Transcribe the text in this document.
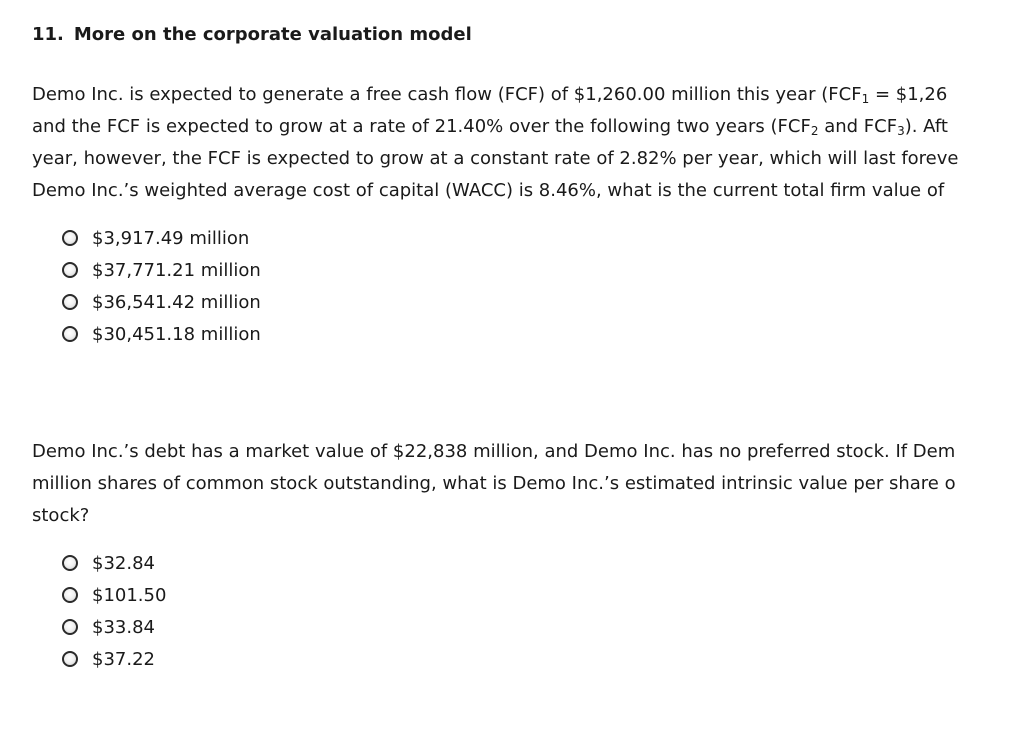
11. More on the corporate valuation model
Demo Inc. is expected to generate a free cash flow (FCF) of $1,260.00 million this year ($FCF_1$ = $1,26
and the FCF is expected to grow at a rate of 21.40% over the following two years ($FCF_2$ and $FCF_3$). Aft
year, however, the FCF is expected to grow at a constant rate of 2.82% per year, which will last foreve
Demo Inc.’s weighted average cost of capital (WACC) is 8.46%, what is the current total firm value of
$3,917.49 million
$37,771.21 million
$36,541.42 million
$30,451.18 million
Demo Inc.’s debt has a market value of $22,838 million, and Demo Inc. has no preferred stock. If Dem
million shares of common stock outstanding, what is Demo Inc.’s estimated intrinsic value per share o
stock?
$32.84
$101.50
$33.84
$37.22
